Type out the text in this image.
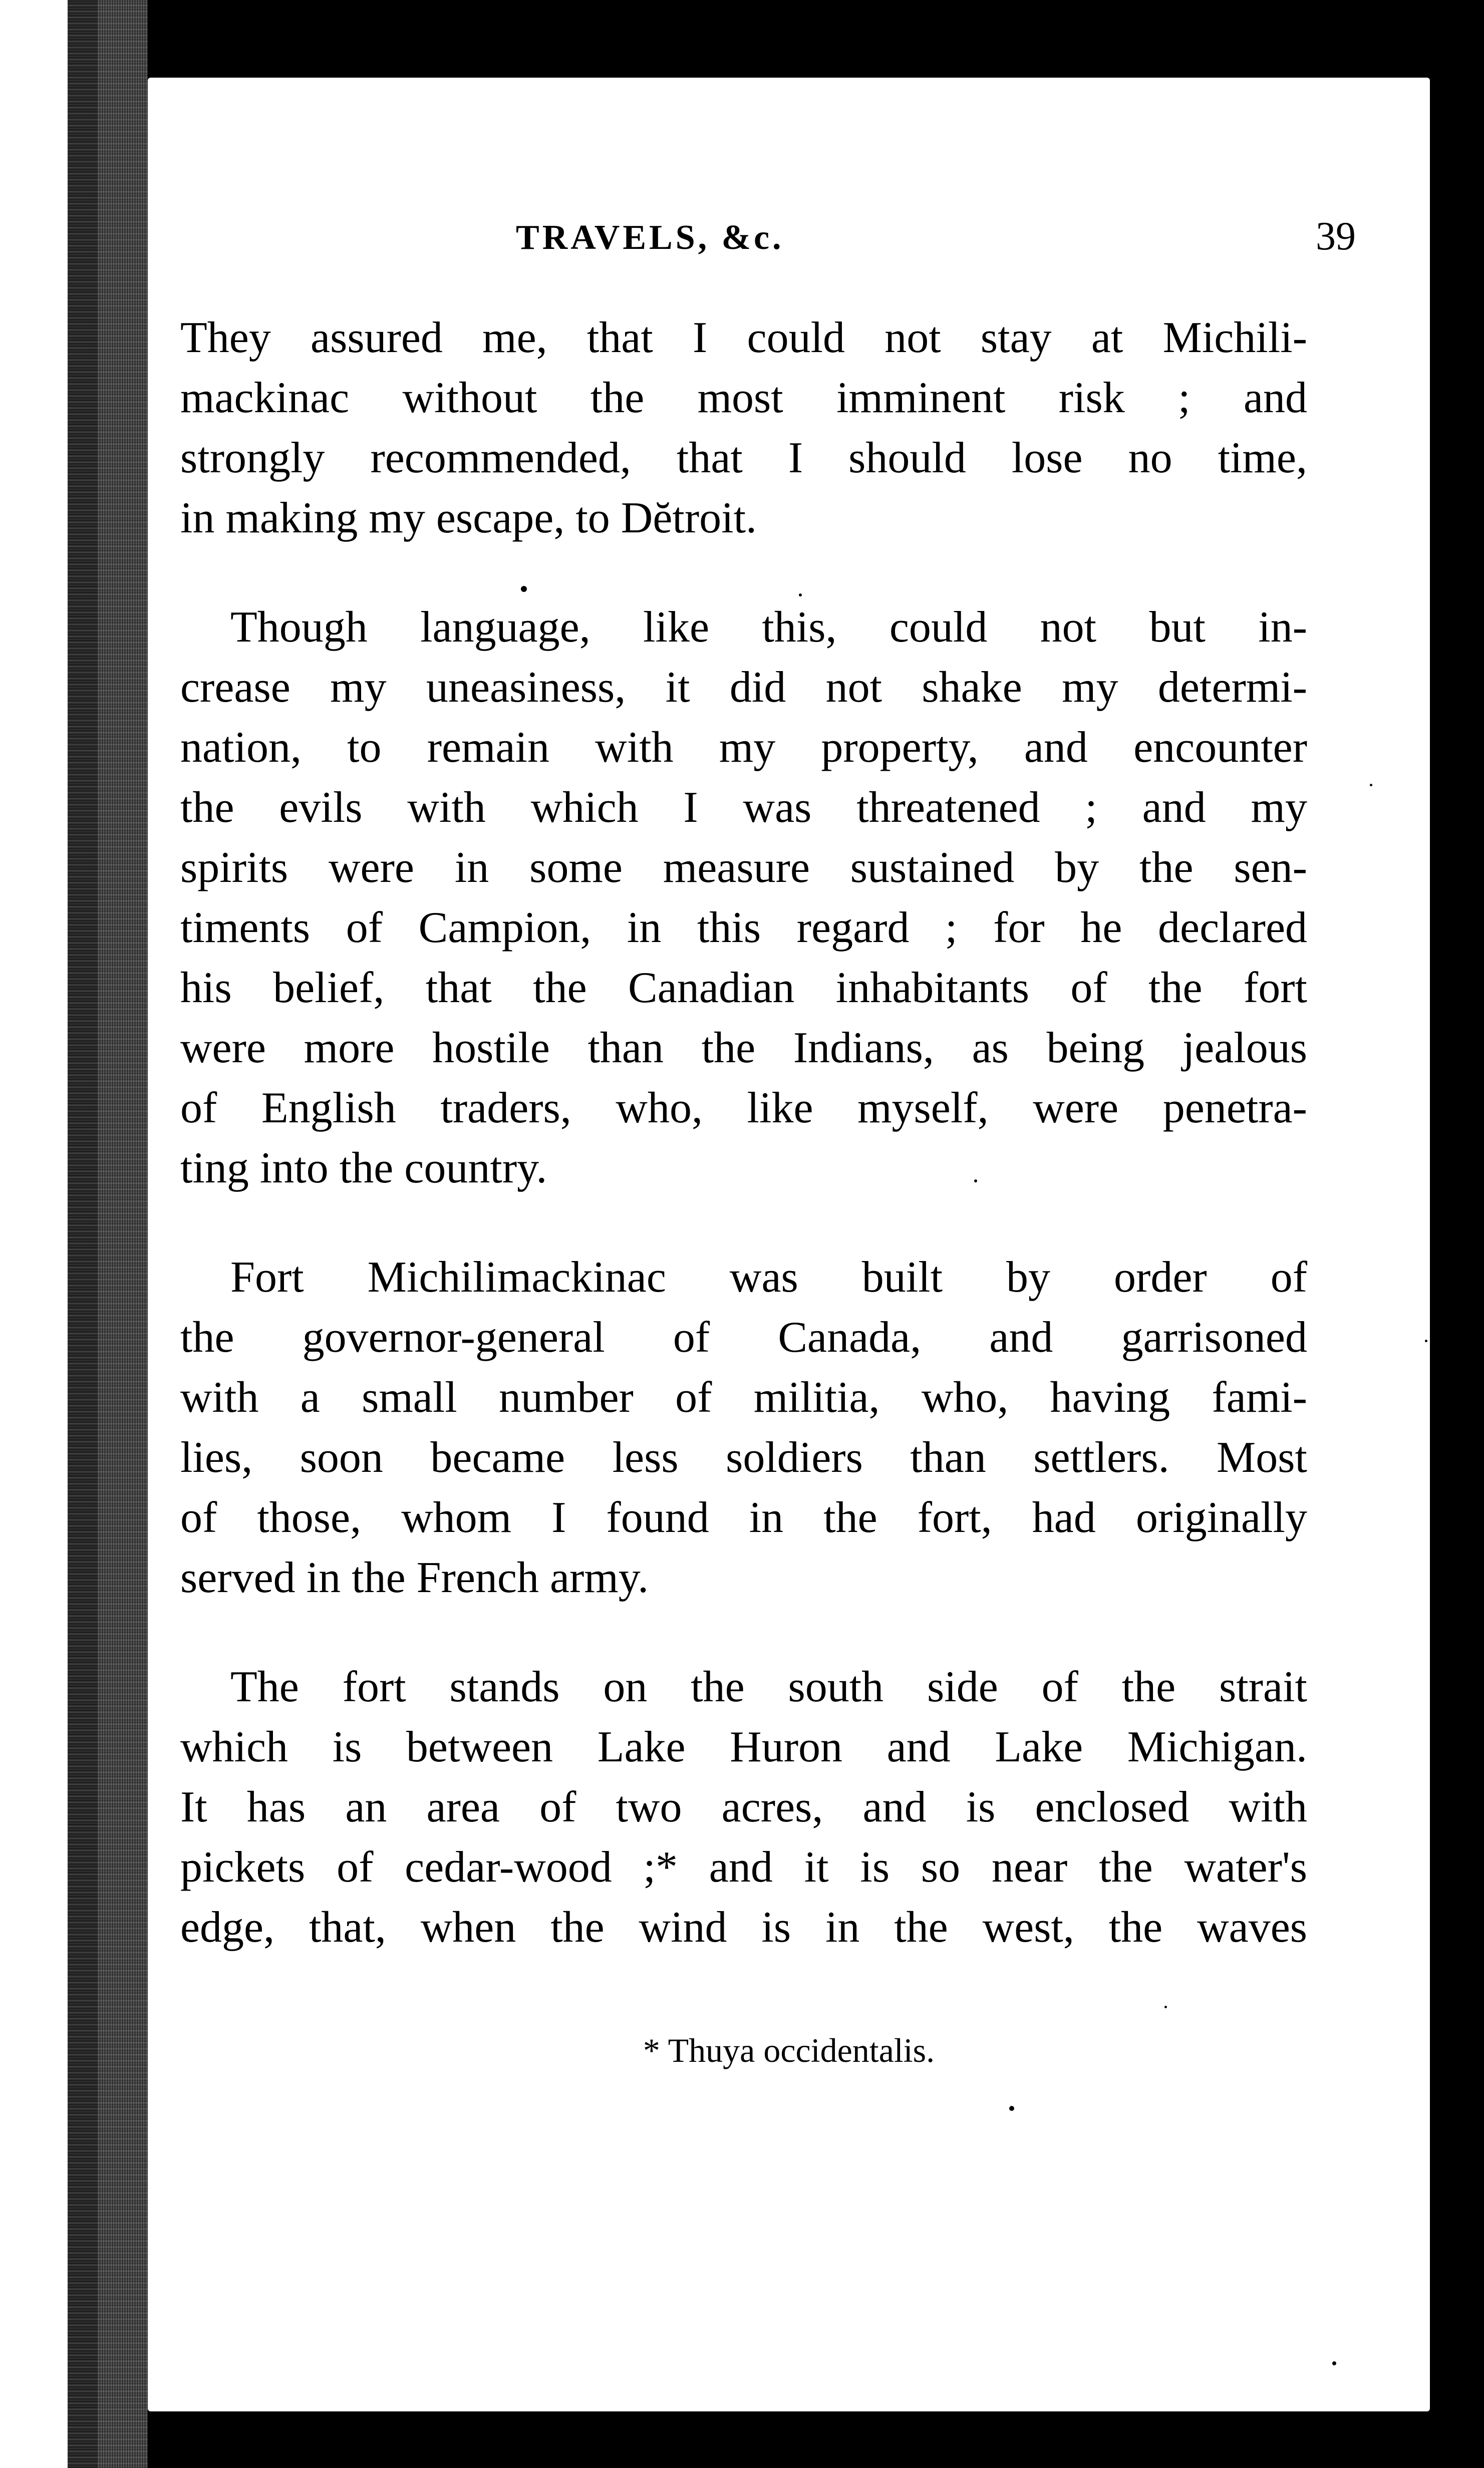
TRAVELS, &c.	39
They assured me, that I could not stay at Michili-
mackinac without the most imminent risk ; and
strongly recommended, that I should lose no time,
in making my escape, to Dĕtroit.
Though language, like this, could not but in-
crease my uneasiness, it did not shake my determi-
nation, to remain with my property, and encounter
the evils with which I was threatened ; and my
spirits were in some measure sustained by the sen-
timents of Campion, in this regard ; for he declared
his belief, that the Canadian inhabitants of the fort
were more hostile than the Indians, as being jealous
of English traders, who, like myself, were penetra-
ting into the country.
Fort Michilimackinac was built by order of
the governor-general of Canada, and garrisoned
with a small number of militia, who, having fami-
lies, soon became less soldiers than settlers. Most
of those, whom I found in the fort, had originally
served in the French army.
The fort stands on the south side of the strait
which is between Lake Huron and Lake Michigan.
It has an area of two acres, and is enclosed with
pickets of cedar-wood ;* and it is so near the water's
edge, that, when the wind is in the west, the waves
* Thuya occidentalis.
